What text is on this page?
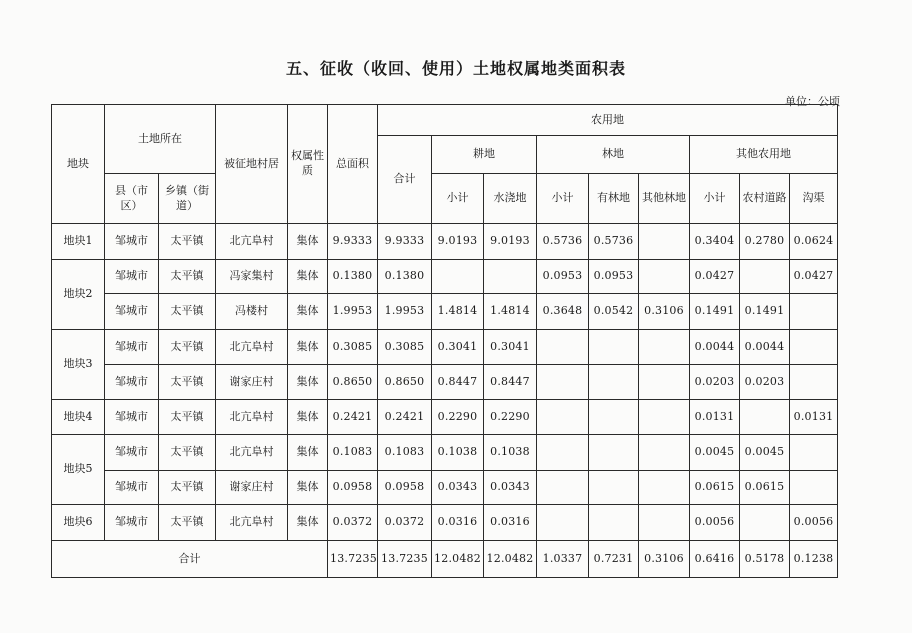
五、征收（收回、使用）土地权属地类面积表
单位：公顷
地块	土地所在		被征地村居	权属性质	总面积	农用地								
						合计	耕地		林地			其他农用地		
	县（市区）	乡镇（街道）					小计	水浇地	小计	有林地	其他林地	小计	农村道路	沟渠
地块1	邹城市	太平镇	北亢阜村	集体	9.9333	9.9333	9.0193	9.0193	0.5736	0.5736		0.3404	0.2780	0.0624
地块2	邹城市	太平镇	冯家集村	集体	0.1380	0.1380			0.0953	0.0953		0.0427		0.0427
	邹城市	太平镇	冯楼村	集体	1.9953	1.9953	1.4814	1.4814	0.3648	0.0542	0.3106	0.1491	0.1491	
地块3	邹城市	太平镇	北亢阜村	集体	0.3085	0.3085	0.3041	0.3041				0.0044	0.0044	
	邹城市	太平镇	谢家庄村	集体	0.8650	0.8650	0.8447	0.8447				0.0203	0.0203	
地块4	邹城市	太平镇	北亢阜村	集体	0.2421	0.2421	0.2290	0.2290				0.0131		0.0131
地块5	邹城市	太平镇	北亢阜村	集体	0.1083	0.1083	0.1038	0.1038				0.0045	0.0045	
	邹城市	太平镇	谢家庄村	集体	0.0958	0.0958	0.0343	0.0343				0.0615	0.0615	
地块6	邹城市	太平镇	北亢阜村	集体	0.0372	0.0372	0.0316	0.0316				0.0056		0.0056
合计					13.7235	13.7235	12.0482	12.0482	1.0337	0.7231	0.3106	0.6416	0.5178	0.1238
